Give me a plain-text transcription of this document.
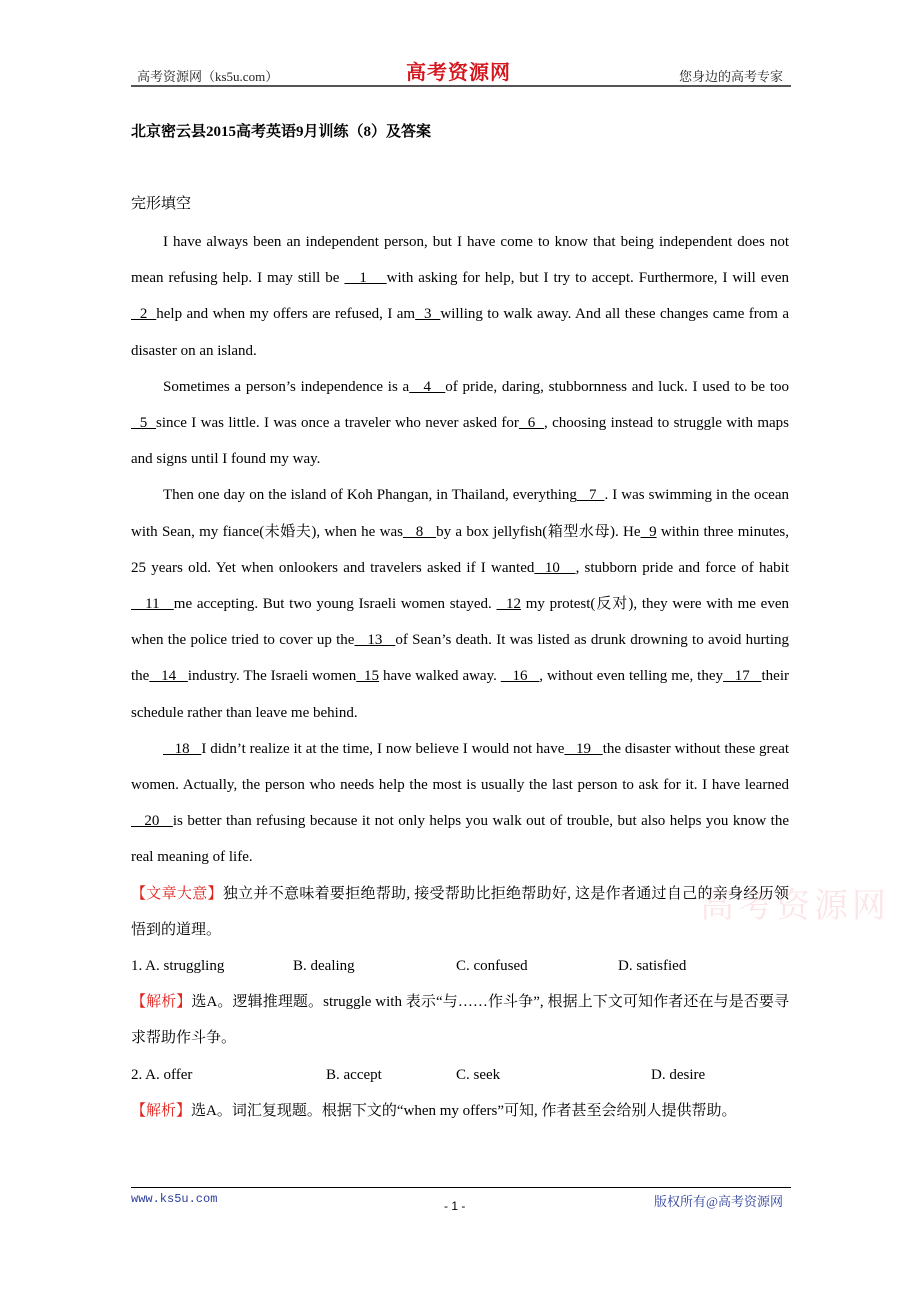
高考资源网（ks5u.com）	高考资源网	您身边的高考专家
北京密云县2015高考英语9月训练（8）及答案
完形填空
高考资源网

I have always been an independent person, but I have come to know that being independent does not mean refusing help. I may still be    1    with asking for help, but I try to accept. Furthermore, I will even  2  help and when my offers are refused, I am  3  willing to walk away. And all these changes came from a disaster on an island.

Sometimes a person’s independence is a   4   of pride, daring, stubbornness and luck. I used to be too  5  since I was little. I was once a traveler who never asked for  6  , choosing instead to struggle with maps and signs until I found my way.

Then one day on the island of Koh Phangan, in Thailand, everything   7  . I was swimming in the ocean with Sean, my fiance(未婚夫), when he was   8   by a box jellyfish(箱型水母). He  9 within three minutes, 25 years old. Yet when onlookers and travelers asked if I wanted  10   , stubborn pride and force of habit   11   me accepting. But two young Israeli women stayed.   12 my protest(反对), they were with me even when the police tried to cover up the   13   of Sean’s death. It was listed as drunk drowning to avoid hurting the   14   industry. The Israeli women  15 have walked away.    16   , without even telling me, they   17   their schedule rather than leave me behind.

18   I didn’t realize it at the time, I now believe I would not have   19   the disaster without these great women. Actually, the person who needs help the most is usually the last person to ask for it. I have learned   20   is better than refusing because it not only helps you walk out of trouble, but also helps you know the real meaning of life.

【文章大意】独立并不意味着要拒绝帮助, 接受帮助比拒绝帮助好, 这是作者通过自己的亲身经历领悟到的道理。

1. A. struggling	B. dealing	C. confused	D. satisfied

【解析】选A。逻辑推理题。struggle with 表示“与……作斗争”, 根据上下文可知作者还在与是否要寻求帮助作斗争。

2. A. offer	B. accept	C. seek	D. desire

【解析】选A。词汇复现题。根据下文的“when my offers”可知, 作者甚至会给别人提供帮助。

www.ks5u.com	- 1 -	版权所有@高考资源网
